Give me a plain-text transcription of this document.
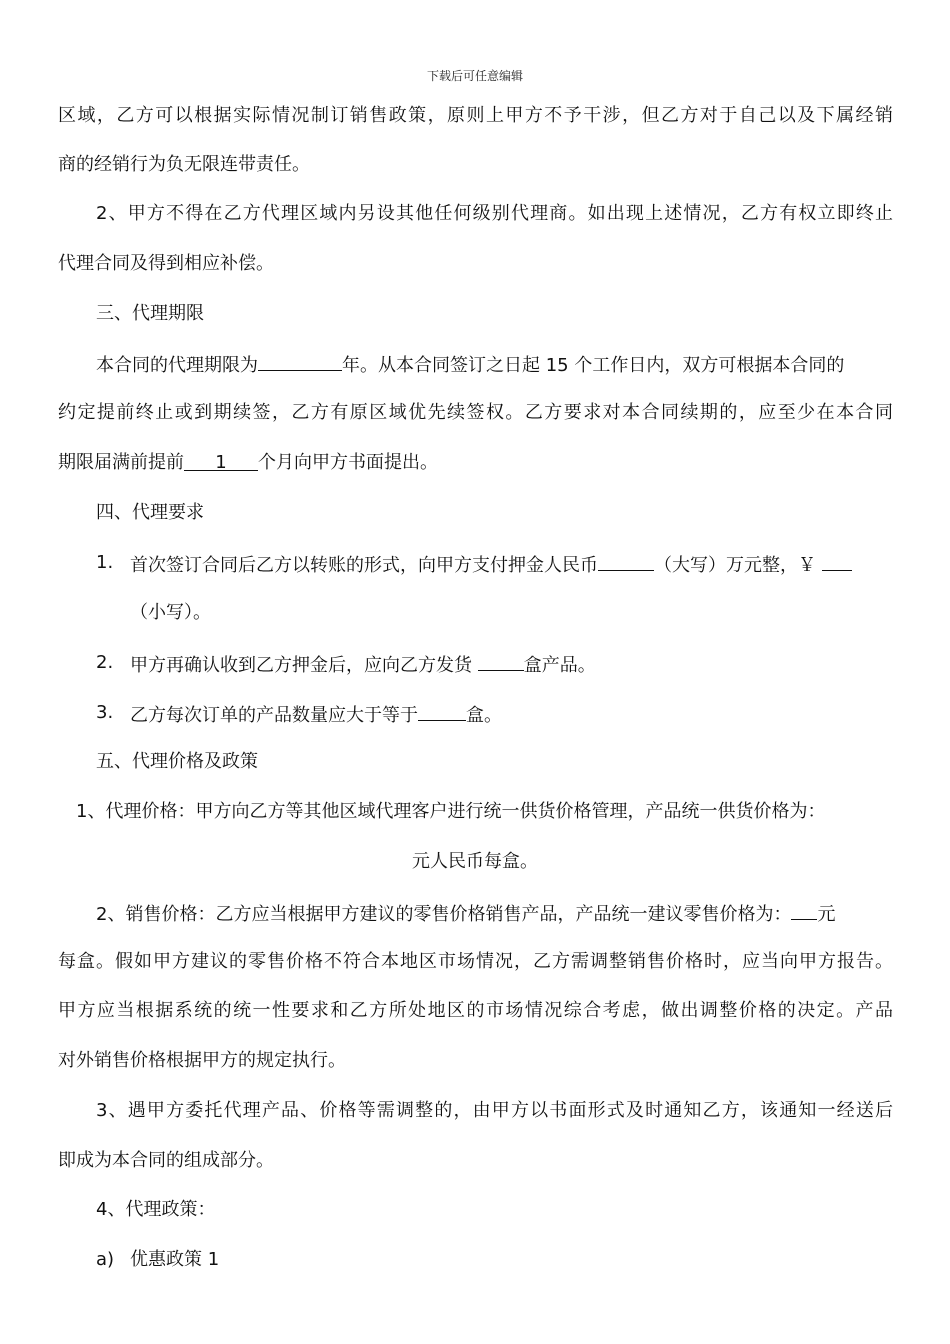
下载后可任意编辑
区域，乙方可以根据实际情况制订销售政策，原则上甲方不予干涉，但乙方对于自己以及下属经销
商的经销行为负无限连带责任。
2、甲方不得在乙方代理区域内另设其他任何级别代理商。如出现上述情况，乙方有权立即终止
代理合同及得到相应补偿。
三、代理期限
本合同的代理期限为	年。从本合同签订之日起 15 个工作日内，双方可根据本合同的
约定提前终止或到期续签，乙方有原区域优先续签权。乙方要求对本合同续期的，应至少在本合同
期限届满前提前 1 个月向甲方书面提出。
四、代理要求
1. 首次签订合同后乙方以转账的形式，向甲方支付押金人民币	（大写）万元整，￥
（小写）。
2. 甲方再确认收到乙方押金后，应向乙方发货	盒产品。
3. 乙方每次订单的产品数量应大于等于	盒。
五、代理价格及政策
1、代理价格：甲方向乙方等其他区域代理客户进行统一供货价格管理，产品统一供货价格为：
元人民币每盒。
2、销售价格：乙方应当根据甲方建议的零售价格销售产品，产品统一建议零售价格为： 元
每盒。假如甲方建议的零售价格不符合本地区市场情况，乙方需调整销售价格时，应当向甲方报告。
甲方应当根据系统的统一性要求和乙方所处地区的市场情况综合考虑，做出调整价格的决定。产品
对外销售价格根据甲方的规定执行。
3、遇甲方委托代理产品、价格等需调整的，由甲方以书面形式及时通知乙方，该通知一经送后
即成为本合同的组成部分。
4、代理政策：
a) 优惠政策 1
